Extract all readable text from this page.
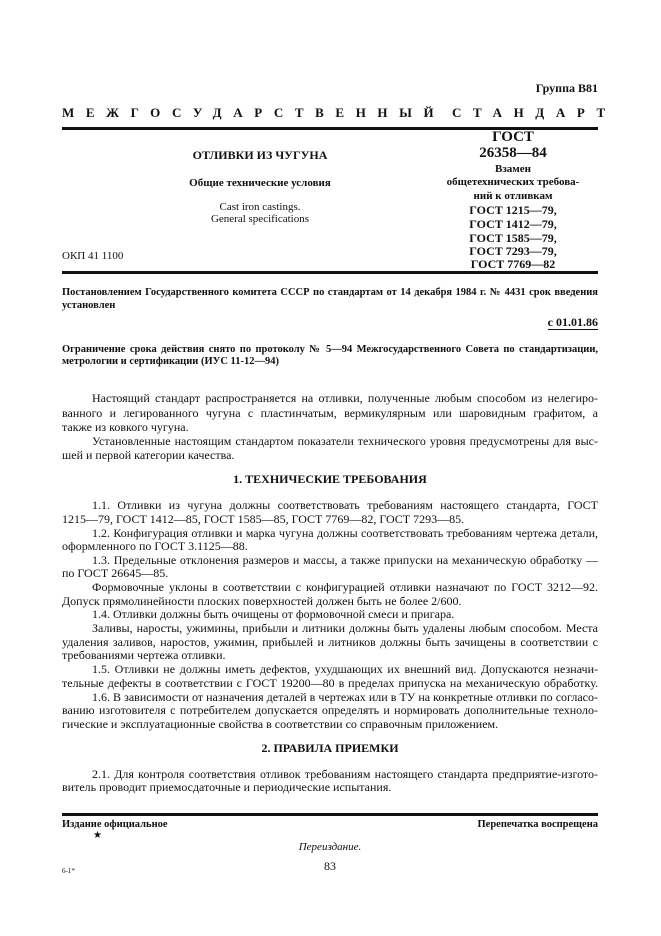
Группа В81
МЕЖГОСУДАРСТВЕННЫЙ СТАНДАРТ
ОТЛИВКИ ИЗ ЧУГУНА
Общие технические условия
Cast iron castings.
General specifications
ОКП 41 1100
ГОСТ
26358—84
Взамен
общетехнических требова-
ний к отливкам
ГОСТ 1215—79,
ГОСТ 1412—79,
ГОСТ 1585—79,
ГОСТ 7293—79,
ГОСТ 7769—82
Постановлением Государственного комитета СССР по стандартам от 14 декабря 1984 г. № 4431 срок введения
установлен
с 01.01.86
Ограничение срока действия снято по протоколу № 5—94 Межгосударственного Совета по стандартизации,
метрологии и сертификации (ИУС 11-12—94)
Настоящий стандарт распространяется на отливки, полученные любым способом из нелегиро-
ванного и легированного чугуна с пластинчатым, вермикулярным или шаровидным графитом, а
также из ковкого чугуна.
Установленные настоящим стандартом показатели технического уровня предусмотрены для выс-
шей и первой категории качества.
1. ТЕХНИЧЕСКИЕ ТРЕБОВАНИЯ
1.1. Отливки из чугуна должны соответствовать требованиям настоящего стандарта, ГОСТ
1215—79, ГОСТ 1412—85, ГОСТ 1585—85, ГОСТ 7769—82, ГОСТ 7293—85.
1.2. Конфигурация отливки и марка чугуна должны соответствовать требованиям чертежа детали,
оформленного по ГОСТ 3.1125—88.
1.3. Предельные отклонения размеров и массы, а также припуски на механическую обработку —
по ГОСТ 26645—85.
Формовочные уклоны в соответствии с конфигурацией отливки назначают по ГОСТ 3212—92.
Допуск прямолинейности плоских поверхностей должен быть не более 2/600.
1.4. Отливки должны быть очищены от формовочной смеси и пригара.
Заливы, наросты, ужимины, прибыли и литники должны быть удалены любым способом. Места
удаления заливов, наростов, ужимин, прибылей и литников должны быть зачищены в соответствии с
требованиями чертежа отливки.
1.5. Отливки не должны иметь дефектов, ухудшающих их внешний вид. Допускаются незначи-
тельные дефекты в соответствии с ГОСТ 19200—80 в пределах припуска на механическую обработку.
1.6. В зависимости от назначения деталей в чертежах или в ТУ на конкретные отливки по согласо-
ванию изготовителя с потребителем допускается определять и нормировать дополнительные техноло-
гические и эксплуатационные свойства в соответствии со справочным приложением.
2. ПРАВИЛА ПРИЕМКИ
2.1. Для контроля соответствия отливок требованиям настоящего стандарта предприятие-изгото-
витель проводит приемосдаточные и периодические испытания.
Издание официальное
★
Перепечатка воспрещена
Переиздание.
6-1*	83
